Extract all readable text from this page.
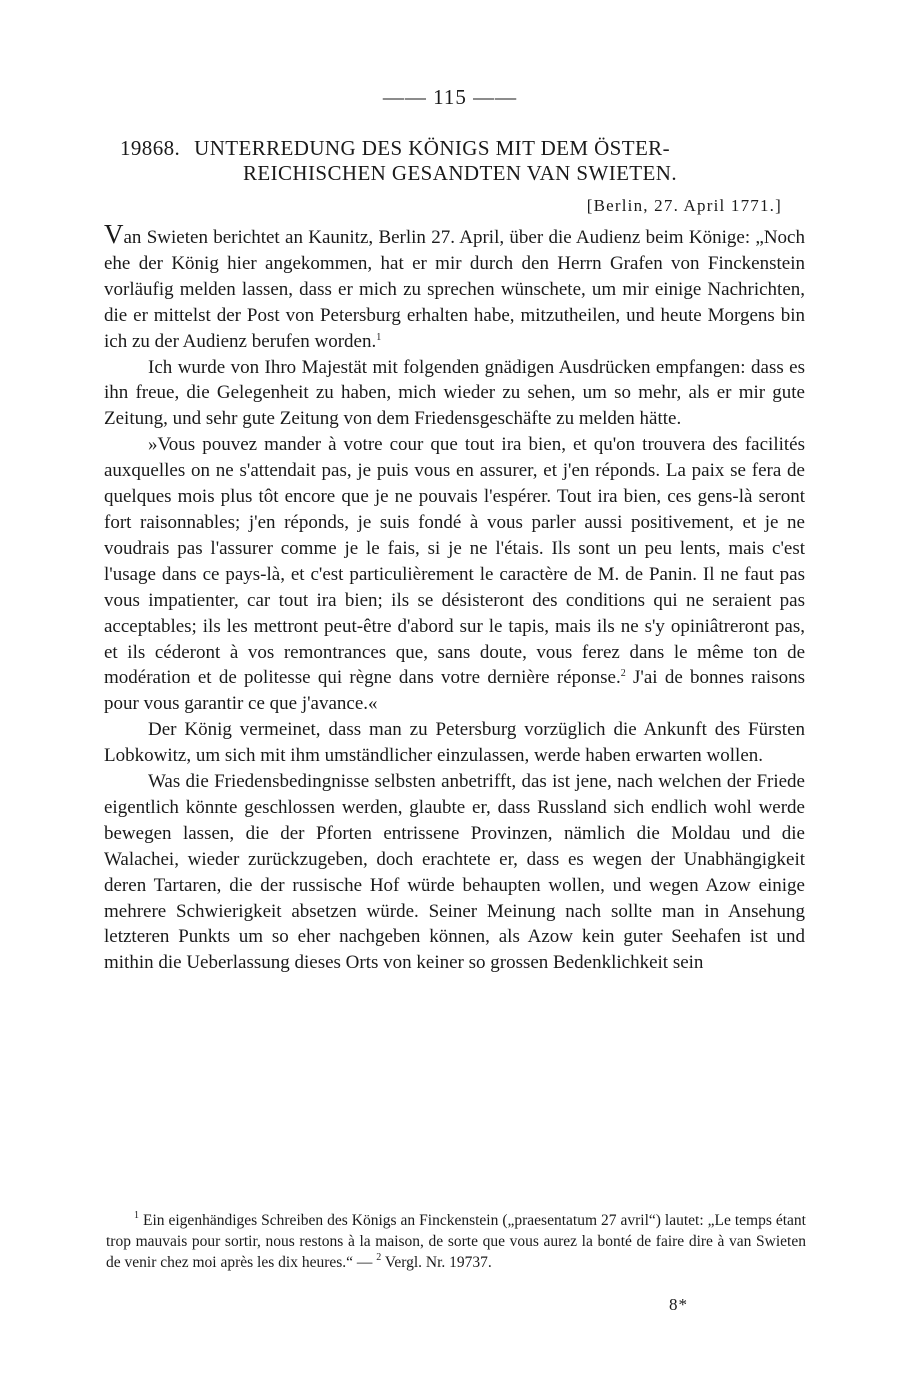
—— 115 ——
19868. UNTERREDUNG DES KÖNIGS MIT DEM ÖSTER-
REICHISCHEN GESANDTEN VAN SWIETEN.
[Berlin, 27. April 1771.]

Van Swieten berichtet an Kaunitz, Berlin 27. April, über die Audienz beim Könige: „Noch ehe der König hier angekommen, hat er mir durch den Herrn Grafen von Finckenstein vorläufig melden lassen, dass er mich zu sprechen wünschete, um mir einige Nachrichten, die er mittelst der Post von Petersburg erhalten habe, mitzutheilen, und heute Morgens bin ich zu der Audienz berufen worden.$^1$

Ich wurde von Ihro Majestät mit folgenden gnädigen Ausdrücken empfangen: dass es ihn freue, die Gelegenheit zu haben, mich wieder zu sehen, um so mehr, als er mir gute Zeitung, und sehr gute Zeitung von dem Friedensgeschäfte zu melden hätte.

»Vous pouvez mander à votre cour que tout ira bien, et qu'on trouvera des facilités auxquelles on ne s'attendait pas, je puis vous en assurer, et j'en réponds. La paix se fera de quelques mois plus tôt encore que je ne pouvais l'espérer. Tout ira bien, ces gens-là seront fort raisonnables; j'en réponds, je suis fondé à vous parler aussi positivement, et je ne voudrais pas l'assurer comme je le fais, si je ne l'étais. Ils sont un peu lents, mais c'est l'usage dans ce pays-là, et c'est particulièrement le caractère de M. de Panin. Il ne faut pas vous impatienter, car tout ira bien; ils se désisteront des conditions qui ne seraient pas acceptables; ils les mettront peut-être d'abord sur le tapis, mais ils ne s'y opiniâtreront pas, et ils céderont à vos remontrances que, sans doute, vous ferez dans le même ton de modération et de politesse qui règne dans votre dernière réponse.$^2$ J'ai de bonnes raisons pour vous garantir ce que j'avance.«

Der König vermeinet, dass man zu Petersburg vorzüglich die Ankunft des Fürsten Lobkowitz, um sich mit ihm umständlicher einzulassen, werde haben erwarten wollen.

Was die Friedensbedingnisse selbsten anbetrifft, das ist jene, nach welchen der Friede eigentlich könnte geschlossen werden, glaubte er, dass Russland sich endlich wohl werde bewegen lassen, die der Pforten entrissene Provinzen, nämlich die Moldau und die Walachei, wieder zurückzugeben, doch erachtete er, dass es wegen der Unabhängigkeit deren Tartaren, die der russische Hof würde behaupten wollen, und wegen Azow einige mehrere Schwierigkeit absetzen würde. Seiner Meinung nach sollte man in Ansehung letzteren Punkts um so eher nachgeben können, als Azow kein guter Seehafen ist und mithin die Ueberlassung dieses Orts von keiner so grossen Bedenklichkeit sein

$^1$ Ein eigenhändiges Schreiben des Königs an Finckenstein („praesentatum 27 avril“) lautet: „Le temps étant trop mauvais pour sortir, nous restons à la maison, de sorte que vous aurez la bonté de faire dire à van Swieten de venir chez moi après les dix heures.“ — $^2$ Vergl. Nr. 19737.

8*
